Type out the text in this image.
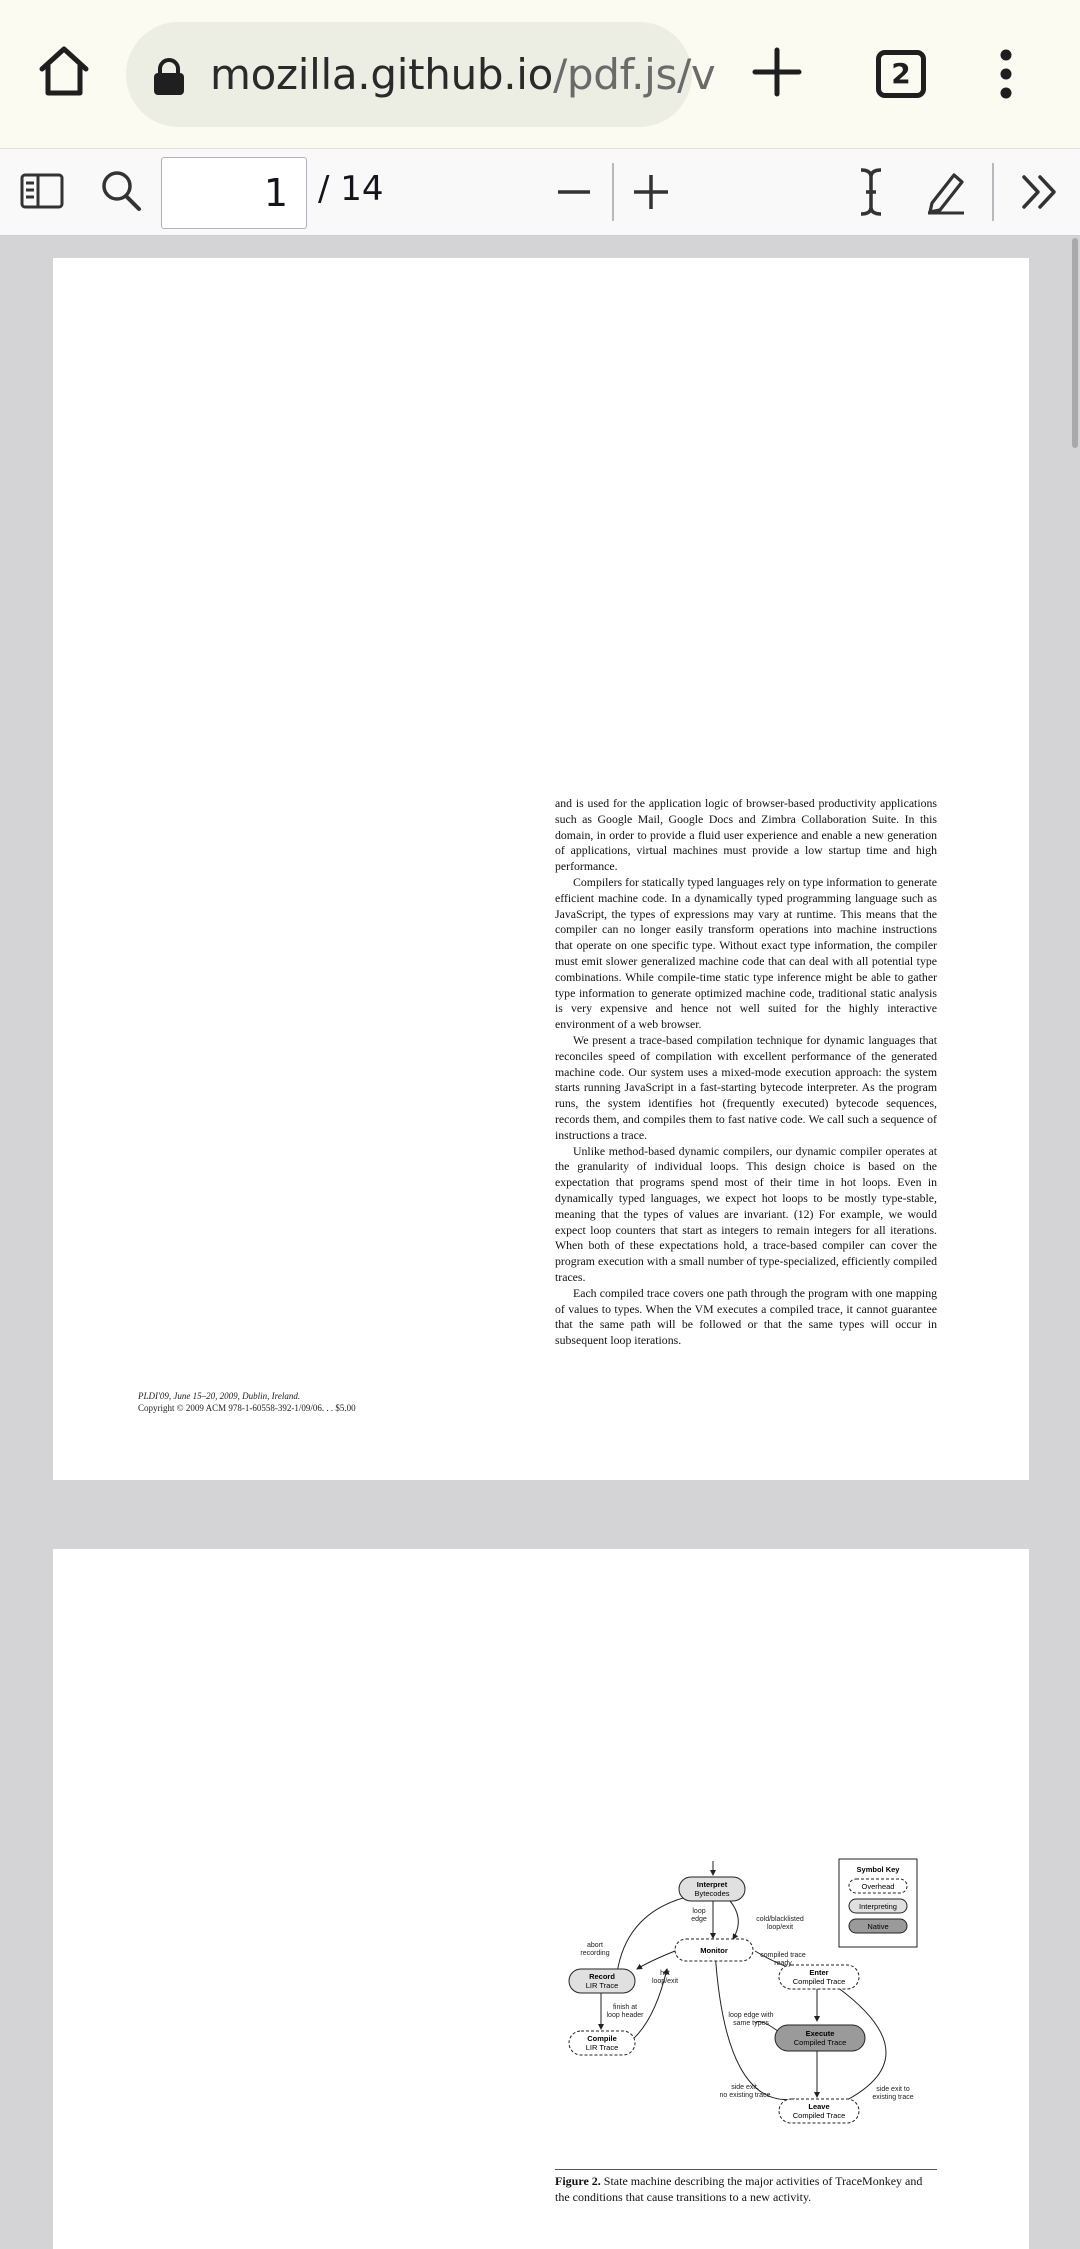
mozilla.github.io/pdf.js/v	2
1 / 14

and is used for the application logic of browser-based productivity applications such as Google Mail, Google Docs and Zimbra Collaboration Suite. In this domain, in order to provide a fluid user experience and enable a new generation of applications, virtual machines must provide a low startup time and high performance.

Compilers for statically typed languages rely on type information to generate efficient machine code. In a dynamically typed programming language such as JavaScript, the types of expressions may vary at runtime. This means that the compiler can no longer easily transform operations into machine instructions that operate on one specific type. Without exact type information, the compiler must emit slower generalized machine code that can deal with all potential type combinations. While compile-time static type inference might be able to gather type information to generate optimized machine code, traditional static analysis is very expensive and hence not well suited for the highly interactive environment of a web browser.

We present a trace-based compilation technique for dynamic languages that reconciles speed of compilation with excellent performance of the generated machine code. Our system uses a mixed-mode execution approach: the system starts running JavaScript in a fast-starting bytecode interpreter. As the program runs, the system identifies hot (frequently executed) bytecode sequences, records them, and compiles them to fast native code. We call such a sequence of instructions a trace.

Unlike method-based dynamic compilers, our dynamic compiler operates at the granularity of individual loops. This design choice is based on the expectation that programs spend most of their time in hot loops. Even in dynamically typed languages, we expect hot loops to be mostly type-stable, meaning that the types of values are invariant. (12) For example, we would expect loop counters that start as integers to remain integers for all iterations. When both of these expectations hold, a trace-based compiler can cover the program execution with a small number of type-specialized, efficiently compiled traces.

Each compiled trace covers one path through the program with one mapping of values to types. When the VM executes a compiled trace, it cannot guarantee that the same path will be followed or that the same types will occur in subsequent loop iterations.

PLDI'09, June 15–20, 2009, Dublin, Ireland.
Copyright © 2009 ACM 978-1-60558-392-1/09/06. . . $5.00
Interpret
Bytecodes
Monitor
Record
LIR Trace
Compile
LIR Trace
Enter
Compiled Trace
Execute
Compiled Trace
Leave
Compiled Trace
Symbol Key
Overhead
Interpreting
Native
loop
edge	cold/blacklisted
loop/exit
abort
recording
hot
loop/exit
compiled trace
ready
finish at
loop header	loop edge with
same types
side exit,
no existing trace
side exit to
existing trace
Figure 2. State machine describing the major activities of TraceMonkey and the conditions that cause transitions to a new activity.
